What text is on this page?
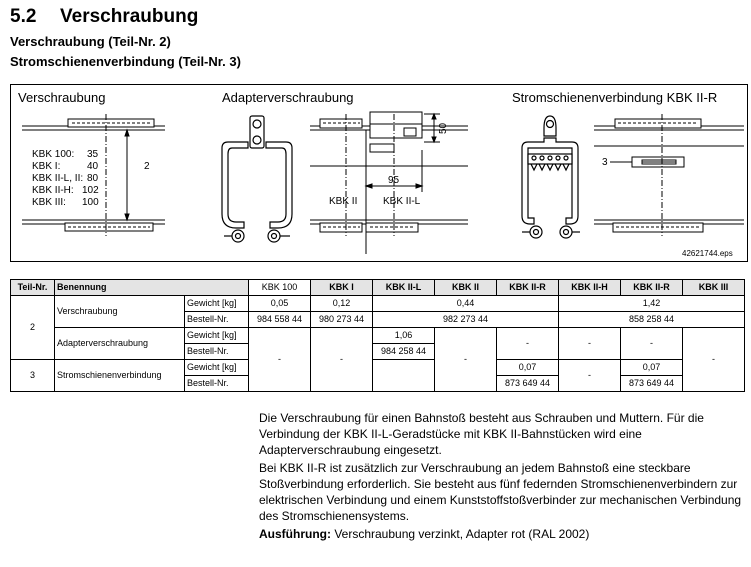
5.2 Verschraubung
Verschraubung (Teil-Nr. 2)
Stromschienenverbindung (Teil-Nr. 3)
Verschraubung	Adapterverschraubung	Stromschienenverbindung KBK II-R
KBK 100: 35
KBK I:	40
KBK II-L, II: 80
KBK II-H: 102
KBK III: 100
2
50
95
KBK II	KBK II-L
3
42621744.eps
Teil-Nr.	Benennung		KBK 100	KBK I	KBK II-L	KBK II	KBK II-R	KBK II-H	KBK II-R	KBK III
2	Verschraubung	Gewicht [kg]	0,05	0,12	0,44			1,42		
		Bestell-Nr.	984 558 44	980 273 44	982 273 44			858 258 44		
	Adapterverschraubung	Gewicht [kg]	-	-	1,06	-	-	-	-	-
		Bestell-Nr.			984 258 44					
3	Stromschienenverbindung	Gewicht [kg]					0,07	-	0,07	
		Bestell-Nr.					873 649 44		873 649 44	

Die Verschraubung für einen Bahnstoß besteht aus Schrauben und Muttern. Für die Verbindung der KBK II-L-Geradstücke mit KBK II-Bahnstücken wird eine Adapterverschraubung eingesetzt.

Bei KBK II-R ist zusätzlich zur Verschraubung an jedem Bahnstoß eine steckbare Stoßverbindung erforderlich. Sie besteht aus fünf federnden Stromschienenverbindern zur elektrischen Verbindung und einem Kunststoffstoßverbinder zur mechanischen Verbindung des Stromschienensystems.

Ausführung: Verschraubung verzinkt, Adapter rot (RAL 2002)
